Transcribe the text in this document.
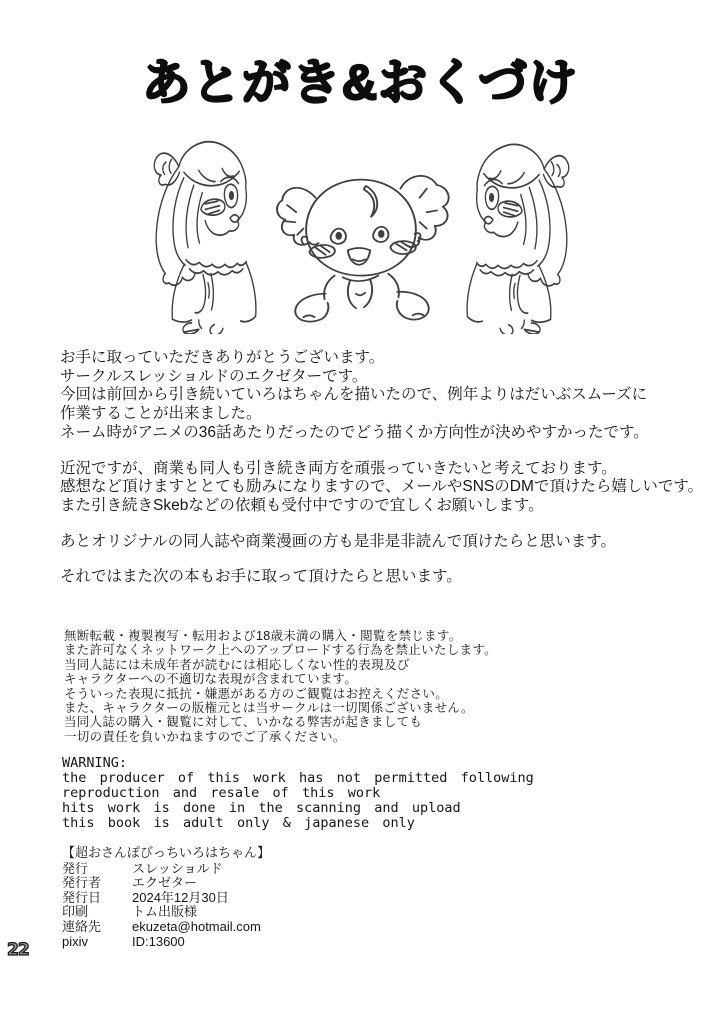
あとがき&おくづけ
お手に取っていただきありがとうございます。
サークルスレッショルドのエクゼターです。
今回は前回から引き続いていろはちゃんを描いたので、例年よりはだいぶスムーズに
作業することが出来ました。
ネーム時がアニメの36話あたりだったのでどう描くか方向性が決めやすかったです。
近況ですが、商業も同人も引き続き両方を頑張っていきたいと考えております。
感想など頂けますととても励みになりますので、メールやSNSのDMで頂けたら嬉しいです。
また引き続きSkebなどの依頼も受付中ですので宜しくお願いします。
あとオリジナルの同人誌や商業漫画の方も是非是非読んで頂けたらと思います。
それではまた次の本もお手に取って頂けたらと思います。
無断転載・複製複写・転用および18歳未満の購入・閲覧を禁じます。
また許可なくネットワーク上へのアップロードする行為を禁止いたします。
当同人誌には未成年者が読むには相応しくない性的表現及び
キャラクターへの不適切な表現が含まれています。
そういった表現に抵抗・嫌悪がある方のご観覧はお控えください。
また、キャラクターの版権元とは当サークルは一切関係ございません。
当同人誌の購入・観覧に対して、いかなる弊害が起きましても
一切の責任を負いかねますのでご了承ください。
WARNING:
the producer of this work has not permitted following
reproduction and resale of this work
hits work is done in the scanning and upload
this book is adult only & japanese only
【超おさんぽびっちいろはちゃん】
発行	スレッショルド
発行者	エクゼター
発行日	2024年12月30日
印刷	トム出版様
連絡先	ekuzeta@hotmail.com
pixiv	ID:13600
22
